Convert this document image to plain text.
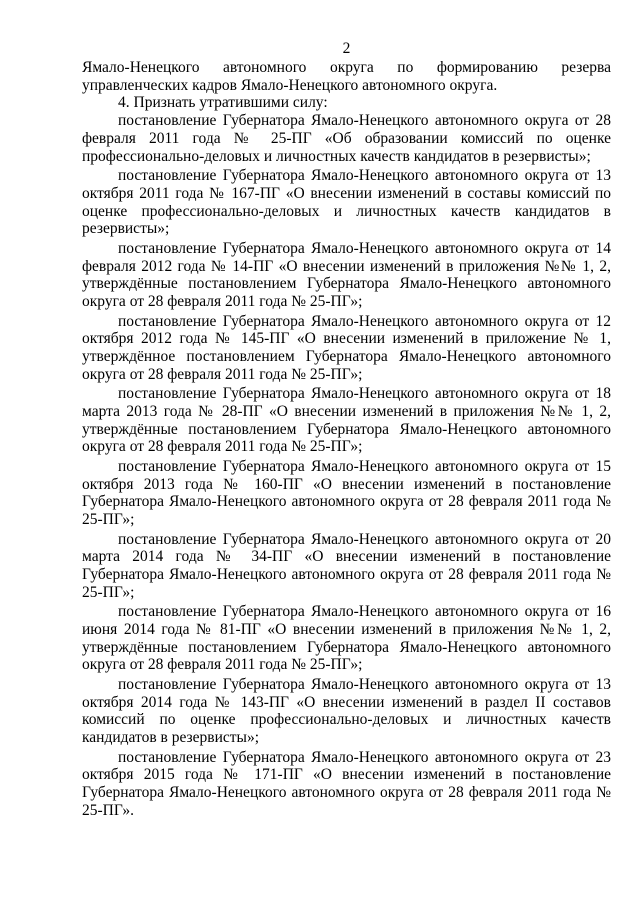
2

Ямало-Ненецкого автономного округа по формированию резерва управленческих кадров Ямало-Ненецкого автономного округа.

4. Признать утратившими силу:

постановление Губернатора Ямало-Ненецкого автономного округа от 28 февраля 2011 года № 25-ПГ «Об образовании комиссий по оценке профессионально-деловых и личностных качеств кандидатов в резервисты»;

постановление Губернатора Ямало-Ненецкого автономного округа от 13 октября 2011 года № 167-ПГ «О внесении изменений в составы комиссий по оценке профессионально-деловых и личностных качеств кандидатов в резервисты»;

постановление Губернатора Ямало-Ненецкого автономного округа от 14 февраля 2012 года № 14-ПГ «О внесении изменений в приложения №№ 1, 2, утверждённые постановлением Губернатора Ямало-Ненецкого автономного округа от 28 февраля 2011 года № 25-ПГ»;

постановление Губернатора Ямало-Ненецкого автономного округа от 12 октября 2012 года № 145-ПГ «О внесении изменений в приложение № 1, утверждённое постановлением Губернатора Ямало-Ненецкого автономного округа от 28 февраля 2011 года № 25-ПГ»;

постановление Губернатора Ямало-Ненецкого автономного округа от 18 марта 2013 года № 28-ПГ «О внесении изменений в приложения №№ 1, 2, утверждённые постановлением Губернатора Ямало-Ненецкого автономного округа от 28 февраля 2011 года № 25-ПГ»;

постановление Губернатора Ямало-Ненецкого автономного округа от 15 октября 2013 года № 160-ПГ «О внесении изменений в постановление Губернатора Ямало-Ненецкого автономного округа от 28 февраля 2011 года № 25-ПГ»;

постановление Губернатора Ямало-Ненецкого автономного округа от 20 марта 2014 года № 34-ПГ «О внесении изменений в постановление Губернатора Ямало-Ненецкого автономного округа от 28 февраля 2011 года № 25-ПГ»;

постановление Губернатора Ямало-Ненецкого автономного округа от 16 июня 2014 года № 81-ПГ «О внесении изменений в приложения №№ 1, 2, утверждённые постановлением Губернатора Ямало-Ненецкого автономного округа от 28 февраля 2011 года № 25-ПГ»;

постановление Губернатора Ямало-Ненецкого автономного округа от 13 октября 2014 года № 143-ПГ «О внесении изменений в раздел II составов комиссий по оценке профессионально-деловых и личностных качеств кандидатов в резервисты»;

постановление Губернатора Ямало-Ненецкого автономного округа от 23 октября 2015 года № 171-ПГ «О внесении изменений в постановление Губернатора Ямало-Ненецкого автономного округа от 28 февраля 2011 года № 25-ПГ».
